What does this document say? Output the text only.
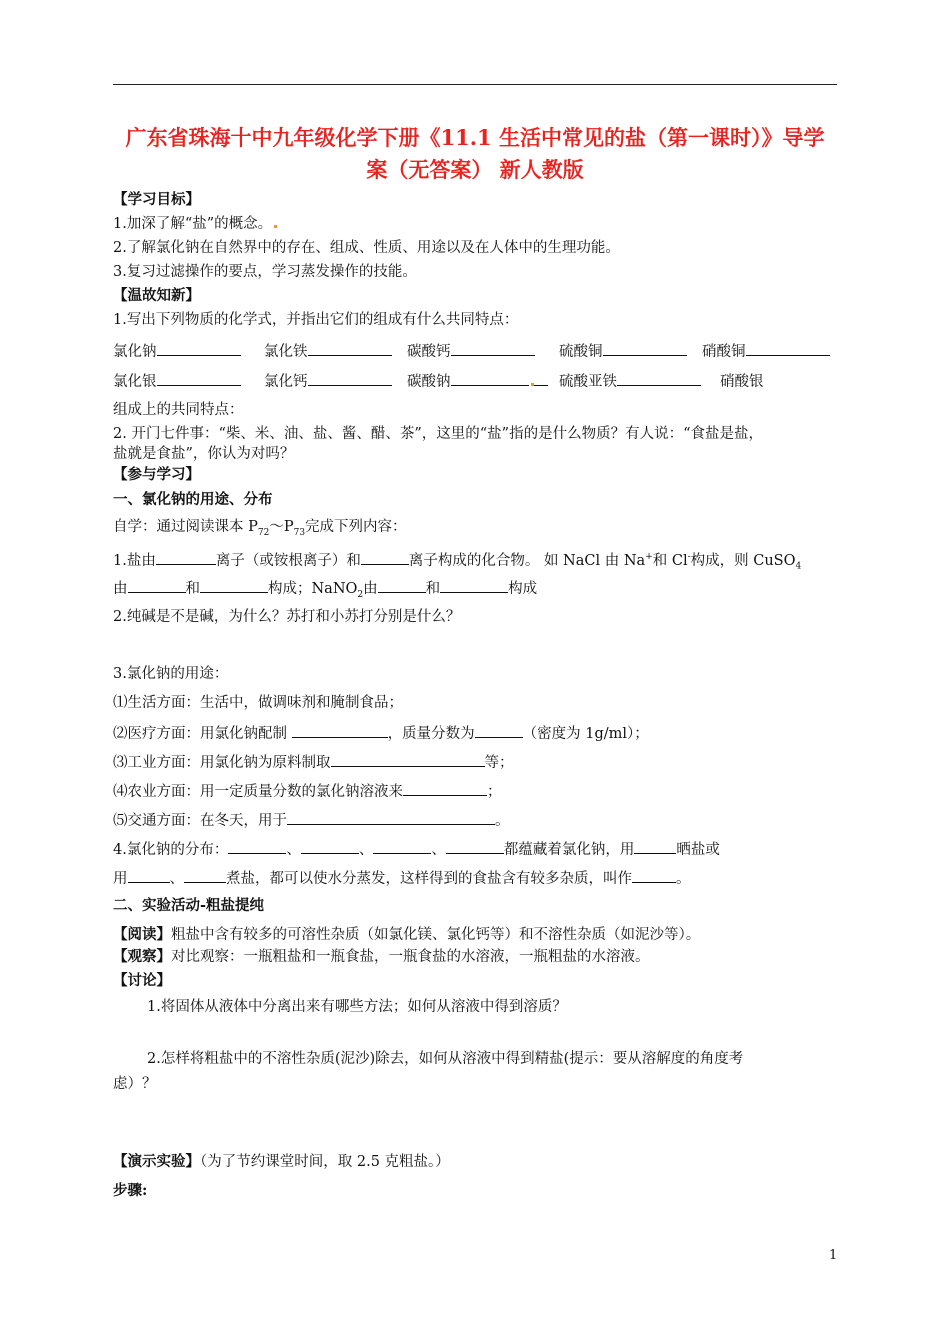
广东省珠海十中九年级化学下册《11.1 生活中常见的盐（第一课时）》导学
案（无答案） 新人教版
【学习目标】
1.加深了解“盐”的概念。
2.了解氯化钠在自然界中的存在、组成、性质、用途以及在人体中的生理功能。
3.复习过滤操作的要点，学习蒸发操作的技能。
【温故知新】
1.写出下列物质的化学式，并指出它们的组成有什么共同特点：
氯化钠	氯化铁	碳酸钙	硫酸铜	硝酸铜
氯化银	氯化钙	碳酸钠	硫酸亚铁	硝酸银
组成上的共同特点：
2. 开门七件事：“柴、米、油、盐、酱、醋、茶”，这里的“盐”指的是什么物质？有人说：“食盐是盐，
盐就是食盐”，你认为对吗？
【参与学习】
一、氯化钠的用途、分布
自学：通过阅读课本 $P_{72}\sim P_{73}$完成下列内容：
1.盐由	离子（或铵根离子）和	离子构成的化合物。 如 NaCl 由 Na+和 Cl-构成，则 CuSO$_4$
由	和	构成；NaNO$_2$由	和	构成
2.纯碱是不是碱，为什么？苏打和小苏打分别是什么？
3.氯化钠的用途：
⑴生活方面：生活中，做调味剂和腌制食品；
⑵医疗方面：用氯化钠配制	，质量分数为	（密度为 1g/ml）；
⑶工业方面：用氯化钠为原料制取	等；
⑷农业方面：用一定质量分数的氯化钠溶液来	；
⑸交通方面：在冬天，用于	。
4.氯化钠的分布：	、	、	、	都蕴藏着氯化钠，用	晒盐或
用	、	煮盐，都可以使水分蒸发，这样得到的食盐含有较多杂质，叫作	。
二、实验活动-粗盐提纯
【阅读】粗盐中含有较多的可溶性杂质（如氯化镁、氯化钙等）和不溶性杂质（如泥沙等）。
【观察】对比观察：一瓶粗盐和一瓶食盐，一瓶食盐的水溶液，一瓶粗盐的水溶液。
【讨论】
1.将固体从液体中分离出来有哪些方法；如何从溶液中得到溶质？
2.怎样将粗盐中的不溶性杂质(泥沙)除去，如何从溶液中得到精盐(提示：要从溶解度的角度考
虑）？
【演示实验】（为了节约课堂时间，取 2.5 克粗盐。）
步骤:
1
